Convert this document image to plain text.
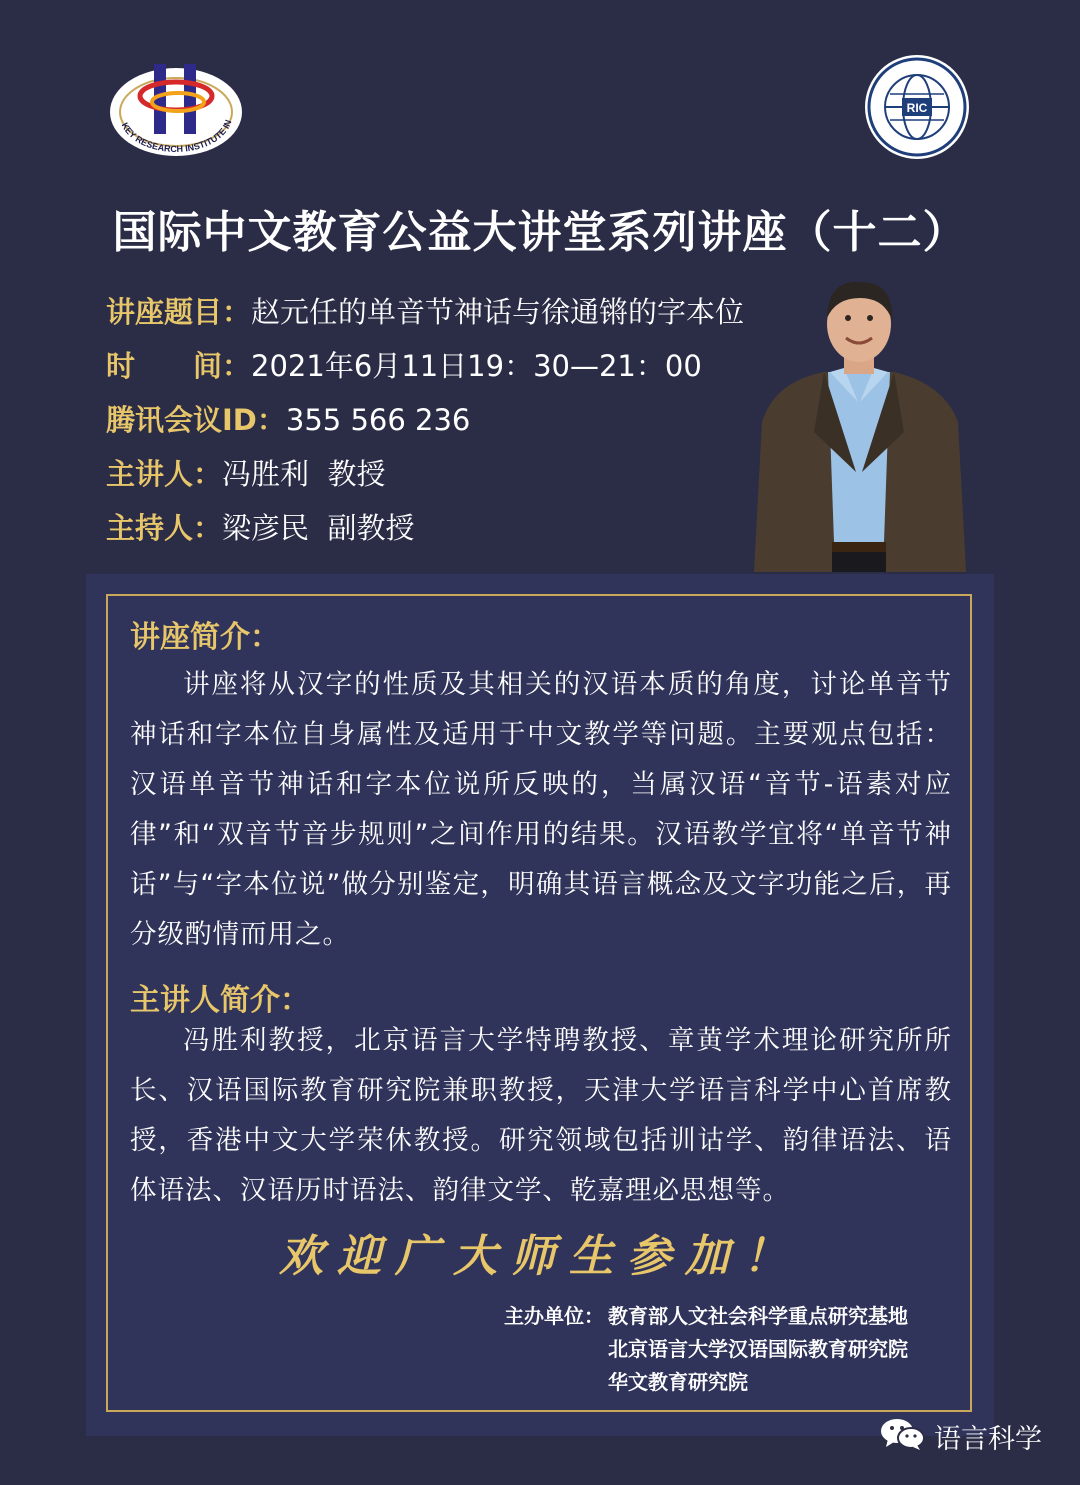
KEY RESEARCH INSTITUTE IN
RIC
国际中文教育公益大讲堂系列讲座（十二）
讲座题目：赵元任的单音节神话与徐通锵的字本位
时　　间：2021年6月11日19：30—21：00
腾讯会议ID：355 566 236
主讲人：冯胜利  教授
主持人：梁彦民  副教授
讲座简介：
讲座将从汉字的性质及其相关的汉语本质的角度，讨论单音节神话和字本位自身属性及适用于中文教学等问题。主要观点包括：汉语单音节神话和字本位说所反映的，当属汉语“音节-语素对应律”和“双音节音步规则”之间作用的结果。汉语教学宜将“单音节神话”与“字本位说”做分别鉴定，明确其语言概念及文字功能之后，再分级酌情而用之。
主讲人简介：
冯胜利教授，北京语言大学特聘教授、章黄学术理论研究所所长、汉语国际教育研究院兼职教授，天津大学语言科学中心首席教授，香港中文大学荣休教授。研究领域包括训诂学、韵律语法、语体语法、汉语历时语法、韵律文学、乾嘉理必思想等。
欢迎广大师生参加！
主办单位： 教育部人文社会科学重点研究基地
北京语言大学汉语国际教育研究院
华文教育研究院
语言科学
